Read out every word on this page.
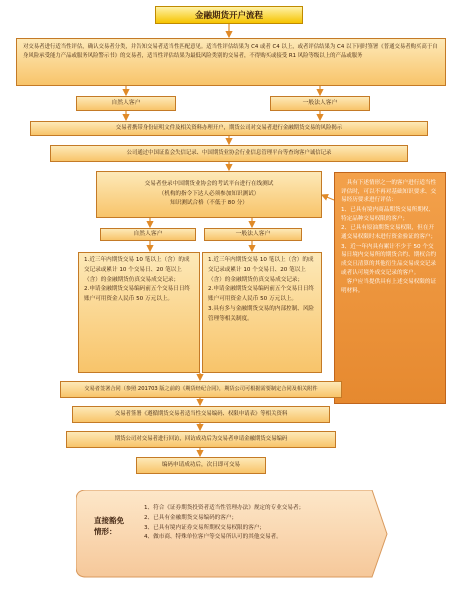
金融期货开户流程
对交易者进行适当性评估，确认交易者分类，并告知交易者适当性匹配意见。适当性评估结果为 C4 或者 C4 以上，或者评估结果为 C4 以下同时签署《普通交易者购买高于自身风险承受能力产品或服务风险警示书》的交易者，适当性评估结果为最低风险类别的交易者，不得购买或接受 R1 风险等级以上的产品或服务
自然人客户	一般法人客户
交易者携带身份证明文件及相关资料办理开户，期货公司对交易者进行金融期货交易的风险揭示
公司通过中国证监会失信记录、中国期货业协会行业信息管理平台等查询客户诚信记录
交易者登录中国期货业协会的考试平台进行在线测试
（机构的指令下达人必须参加知识测试）
知识测试合格（不低于 80 分）
自然人客户	一般法人客户

1.近三年内期货交易 10 笔以上（含）的成交记录或累计 10 个交易日、20 笔以上（含）的金融期货仿真交易成交记录；

2.申请金融期货交易编码前五个交易日日终账户可用资金人民币 50 万元以上。

1.近三年内期货交易 10 笔以上（含）的成交记录或累计 10 个交易日、20 笔以上（含）的金融期货仿真交易成交记录；

2.申请金融期货交易编码前五个交易日日终账户可用资金人民币 50 万元以上。

3.具有多与金融期货交易的内部控制、风险管理等相关制度。

具有下述情形之一的客户进行适当性评估时，可以不再对基础知识要求、交易经历要求进行评估：

1、已具有境内商品期货交易所期权、特定品种交易权限的客户；

2、已具有原油期货交易权限，但在开通交易权限时未进行资金验证的客户；

3、近一年内具有累计不少于 50 个交易日境内交易所的期货合约、期权合约成交且清算的其他衍生品交易成交记录或者认可境外成交记录的客户。

客户应当提供具有上述交易权限的证明材料。

交易者签署合同（参照 201703 版之前的《期货经纪合同》，期货公司可根据需要制定合同及相关附件
交易者签署《遵循期货交易者适当性交易编码、权限申请表》等相关资料
期货公司对交易者进行回访，回访成功后为交易者申请金融期货交易编码
编码申请成功后，次日即可交易
直接豁免情形：
1、符合《证券期货投资者适当性管理办法》规定的专业交易者；
2、已具有金融期货交易编码的客户；
3、已具有境内证券交易所期权交易权限的客户；
4、做市商、特殊单位客户等交易所认可的其他交易者。
